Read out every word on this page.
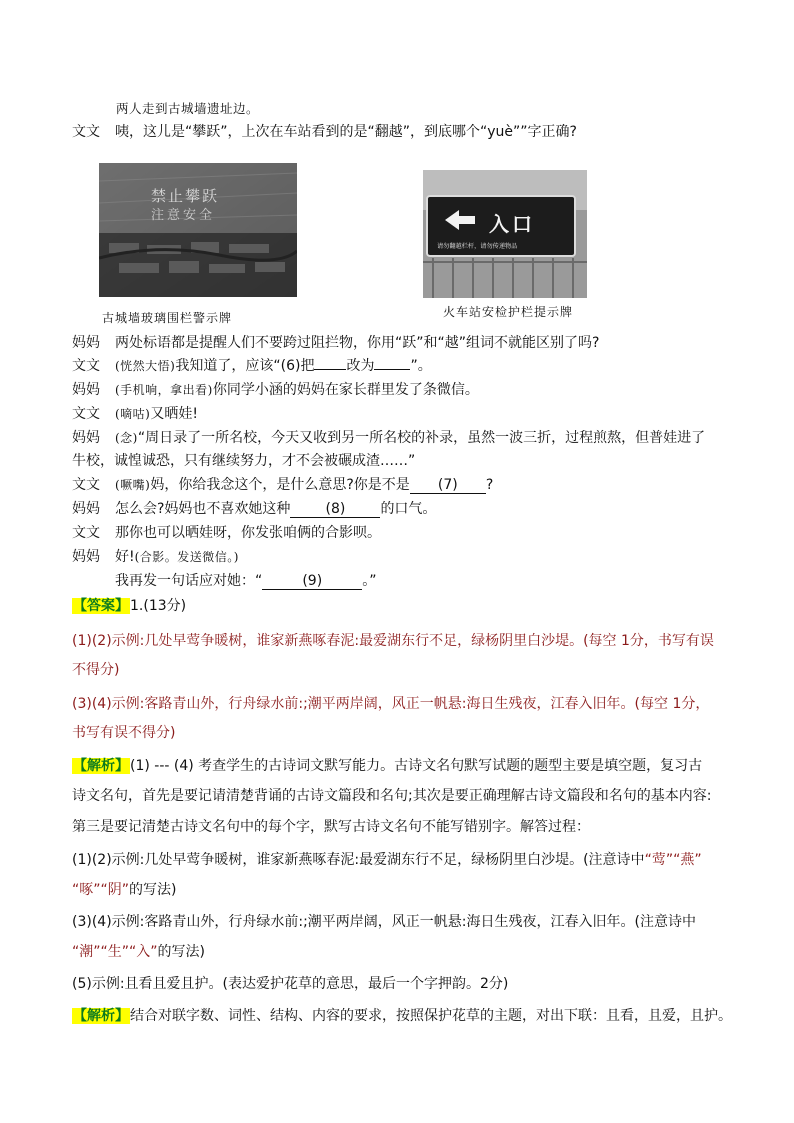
两人走到古城墙遗址边。
文文 咦，这儿是“攀跃”，上次在车站看到的是“翻越”，到底哪个“yuè””字正确?
禁止攀跃
注意安全
古城墙玻璃围栏警示牌
入口
请勿翻越栏杆，请勿传递物品
火车站安检护栏提示牌
妈妈 两处标语都是提醒人们不要跨过阻拦物，你用“跃”和“越”组词不就能区别了吗?
文文 (恍然大悟)我知道了，应该“(6)把 改为	”。
妈妈 (手机响，拿出看)你同学小涵的妈妈在家长群里发了条微信。
文文 (嘀咕)又晒娃!
妈妈 (念)“周日录了一所名校，今天又收到另一所名校的补录，虽然一波三折，过程煎熬，但普娃进了
牛校，诚惶诚恐，只有继续努力，才不会被碾成渣……”
文文 (噘嘴)妈，你给我念这个，是什么意思?你是不是 (7) ?
妈妈 怎么会?妈妈也不喜欢她这种	(8)	的口气。
文文 那你也可以晒娃呀，你发张咱俩的合影呗。
妈妈 好!(合影。发送微信。)
我再发一句话应对她：“	(9)	。”
【答案】1.(13分)
(1)(2)示例:几处早莺争暖树，谁家新燕啄春泥:最爱湖东行不足，绿杨阴里白沙堤。(每空 1分，书写有误
不得分)
(3)(4)示例:客路青山外，行舟绿水前:;潮平两岸阔，风正一帆悬:海日生残夜，江春入旧年。(每空 1分，
书写有误不得分)
【解析】(1) --- (4) 考查学生的古诗词文默写能力。古诗文名句默写试题的题型主要是填空题，复习古
诗文名句，首先是要记请清楚背诵的古诗文篇段和名句;其次是要正确理解古诗文篇段和名句的基本内容:
第三是要记清楚古诗文名句中的每个字，默写古诗文名句不能写错别字。解答过程：
(1)(2)示例:几处早莺争暖树，谁家新燕啄春泥:最爱湖东行不足，绿杨阴里白沙堤。(注意诗中“莺”“燕”
“啄”“阴”的写法)
(3)(4)示例:客路青山外，行舟绿水前:;潮平两岸阔，风正一帆悬:海日生残夜，江春入旧年。(注意诗中
“潮”“生”“入”的写法)
(5)示例:且看且爱且护。(表达爱护花草的意思，最后一个字押韵。2分)
【解析】结合对联字数、词性、结构、内容的要求，按照保护花草的主题，对出下联：且看，且爱，且护。
